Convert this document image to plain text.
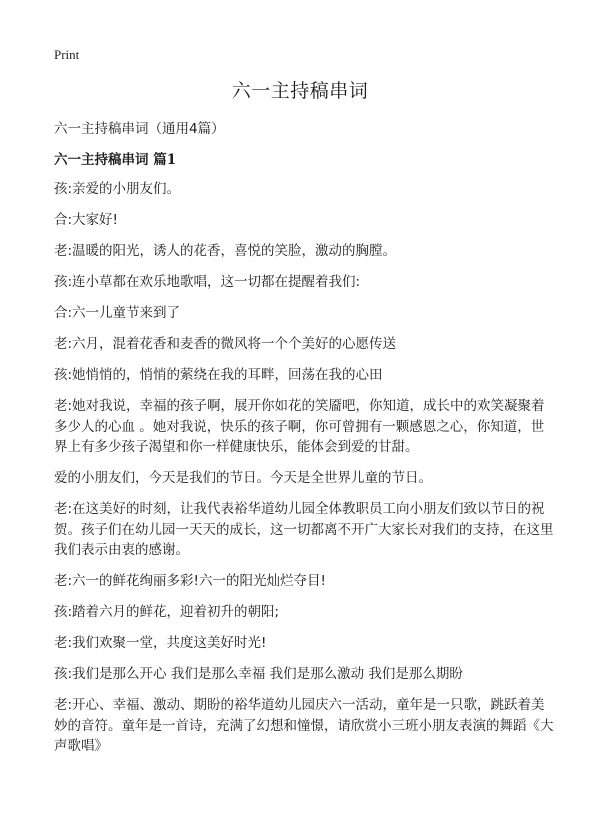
Print
六一主持稿串词

六一主持稿串词（通用4篇）

六一主持稿串词 篇1

孩:亲爱的小朋友们。

合:大家好!

老:温暖的阳光，诱人的花香，喜悦的笑脸，激动的胸膛。

孩:连小草都在欢乐地歌唱，这一切都在提醒着我们:

合:六一儿童节来到了

老:六月，混着花香和麦香的微风将一个个美好的心愿传送

孩:她悄悄的，悄悄的萦绕在我的耳畔，回荡在我的心田

老:她对我说，幸福的孩子啊，展开你如花的笑靥吧，你知道，成长中的欢笑凝聚着多少人的心血 。她对我说，快乐的孩子啊，你可曾拥有一颗感恩之心，你知道，世界上有多少孩子渴望和你一样健康快乐，能体会到爱的甘甜。

爱的小朋友们，今天是我们的节日。今天是全世界儿童的节日。

老:在这美好的时刻，让我代表裕华道幼儿园全体教职员工向小朋友们致以节日的祝贺。孩子们在幼儿园一天天的成长，这一切都离不开广大家长对我们的支持，在这里我们表示由衷的感谢。

老:六一的鲜花绚丽多彩!六一的阳光灿烂夺目!

孩:踏着六月的鲜花，迎着初升的朝阳;

老:我们欢聚一堂，共度这美好时光!

孩:我们是那么开心 我们是那么幸福 我们是那么激动 我们是那么期盼

老:开心、幸福、激动、期盼的裕华道幼儿园庆六一活动，童年是一只歌，跳跃着美妙的音符。童年是一首诗，充满了幻想和憧憬，请欣赏小三班小朋友表演的舞蹈《大声歌唱》
